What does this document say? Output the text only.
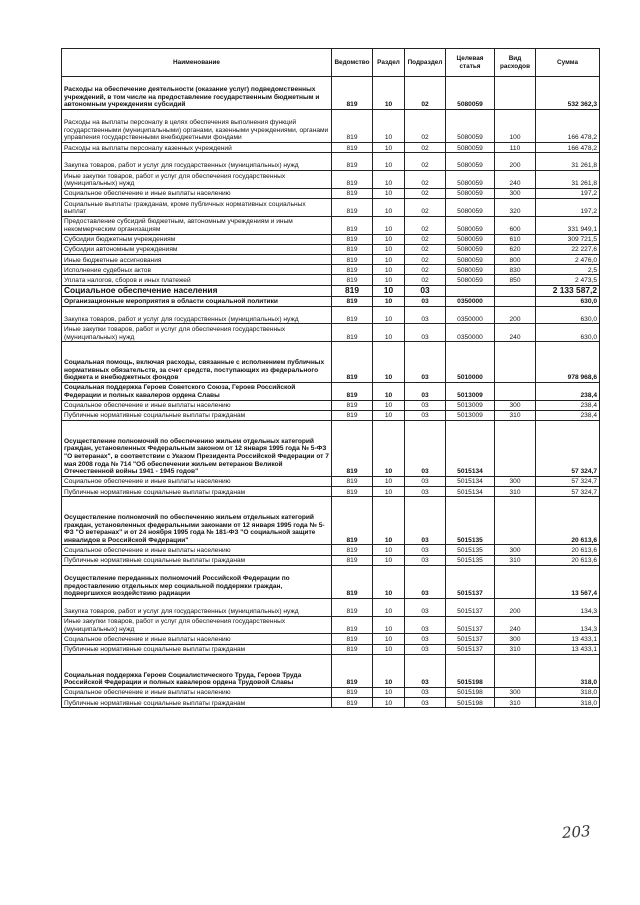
Наименование	Ведомство	Раздел	Подраздел	Целевая статья	Вид расходов	Сумма
Расходы на обеспечение деятельности (оказание услуг) подведомственных учреждений, в том числе на предоставление государственным бюджетным и автономным учреждениям субсидий	819	10	02	5080059		532 362,3
Расходы на выплаты персоналу в целях обеспечения выполнения функций государственными (муниципальными) органами, казенными учреждениями, органами управления государственными внебюджетными фондами	819	10	02	5080059	100	166 478,2
Расходы на выплаты персоналу казенных учреждений	819	10	02	5080059	110	166 478,2
Закупка товаров, работ и услуг для государственных (муниципальных) нужд	819	10	02	5080059	200	31 261,8
Иные закупки товаров, работ и услуг для обеспечения государственных (муниципальных) нужд	819	10	02	5080059	240	31 261,8
Социальное обеспечение и иные выплаты населению	819	10	02	5080059	300	197,2
Социальные выплаты гражданам, кроме публичных нормативных социальных выплат	819	10	02	5080059	320	197,2
Предоставление субсидий бюджетным, автономным учреждениям и иным некоммерческим организациям	819	10	02	5080059	600	331 949,1
Субсидии бюджетным учреждениям	819	10	02	5080059	610	309 721,5
Субсидии автономным учреждениям	819	10	02	5080059	620	22 227,6
Иные бюджетные ассигнования	819	10	02	5080059	800	2 476,0
Исполнение судебных актов	819	10	02	5080059	830	2,5
Уплата налогов, сборов и иных платежей	819	10	02	5080059	850	2 473,5
Социальное обеспечение населения	819	10	03			2 133 587,2
Организационные мероприятия в области социальной политики	819	10	03	0350000		630,0
Закупка товаров, работ и услуг для государственных (муниципальных) нужд	819	10	03	0350000	200	630,0
Иные закупки товаров, работ и услуг для обеспечения государственных (муниципальных) нужд	819	10	03	0350000	240	630,0
Социальная помощь, включая расходы, связанные с исполнением публичных нормативных обязательств, за счет средств, поступающих из федерального бюджета и внебюджетных фондов	819	10	03	5010000		978 968,6
Социальная поддержка Героев Советского Союза, Героев Российской Федерации и полных кавалеров ордена Славы	819	10	03	5013009		238,4
Социальное обеспечение и иные выплаты населению	819	10	03	5013009	300	238,4
Публичные нормативные социальные выплаты гражданам	819	10	03	5013009	310	238,4
Осуществление полномочий по обеспечению жильем отдельных категорий граждан, установленных Федеральным законом от 12 января 1995 года № 5-ФЗ "О ветеранах", в соответствии с Указом Президента Российской Федерации от 7 мая 2008 года № 714 "Об обеспечении жильем ветеранов Великой Отечественной войны 1941 - 1945 годов"	819	10	03	5015134		57 324,7
Социальное обеспечение и иные выплаты населению	819	10	03	5015134	300	57 324,7
Публичные нормативные социальные выплаты гражданам	819	10	03	5015134	310	57 324,7
Осуществление полномочий по обеспечению жильем отдельных категорий граждан, установленных федеральными законами от 12 января 1995 года № 5-ФЗ "О ветеранах" и от 24 ноября 1995 года № 181-ФЗ "О социальной защите инвалидов в Российской Федерации"	819	10	03	5015135		20 613,6
Социальное обеспечение и иные выплаты населению	819	10	03	5015135	300	20 613,6
Публичные нормативные социальные выплаты гражданам	819	10	03	5015135	310	20 613,6
Осуществление переданных полномочий Российской Федерации по предоставлению отдельных мер социальной поддержки граждан, подвергшихся воздействию радиации	819	10	03	5015137		13 567,4
Закупка товаров, работ и услуг для государственных (муниципальных) нужд	819	10	03	5015137	200	134,3
Иные закупки товаров, работ и услуг для обеспечения государственных (муниципальных) нужд	819	10	03	5015137	240	134,3
Социальное обеспечение и иные выплаты населению	819	10	03	5015137	300	13 433,1
Публичные нормативные социальные выплаты гражданам	819	10	03	5015137	310	13 433,1
Социальная поддержка Героев Социалистического Труда, Героев Труда Российской Федерации и полных кавалеров ордена Трудовой Славы	819	10	03	5015198		318,0
Социальное обеспечение и иные выплаты населению	819	10	03	5015198	300	318,0
Публичные нормативные социальные выплаты гражданам	819	10	03	5015198	310	318,0
203
